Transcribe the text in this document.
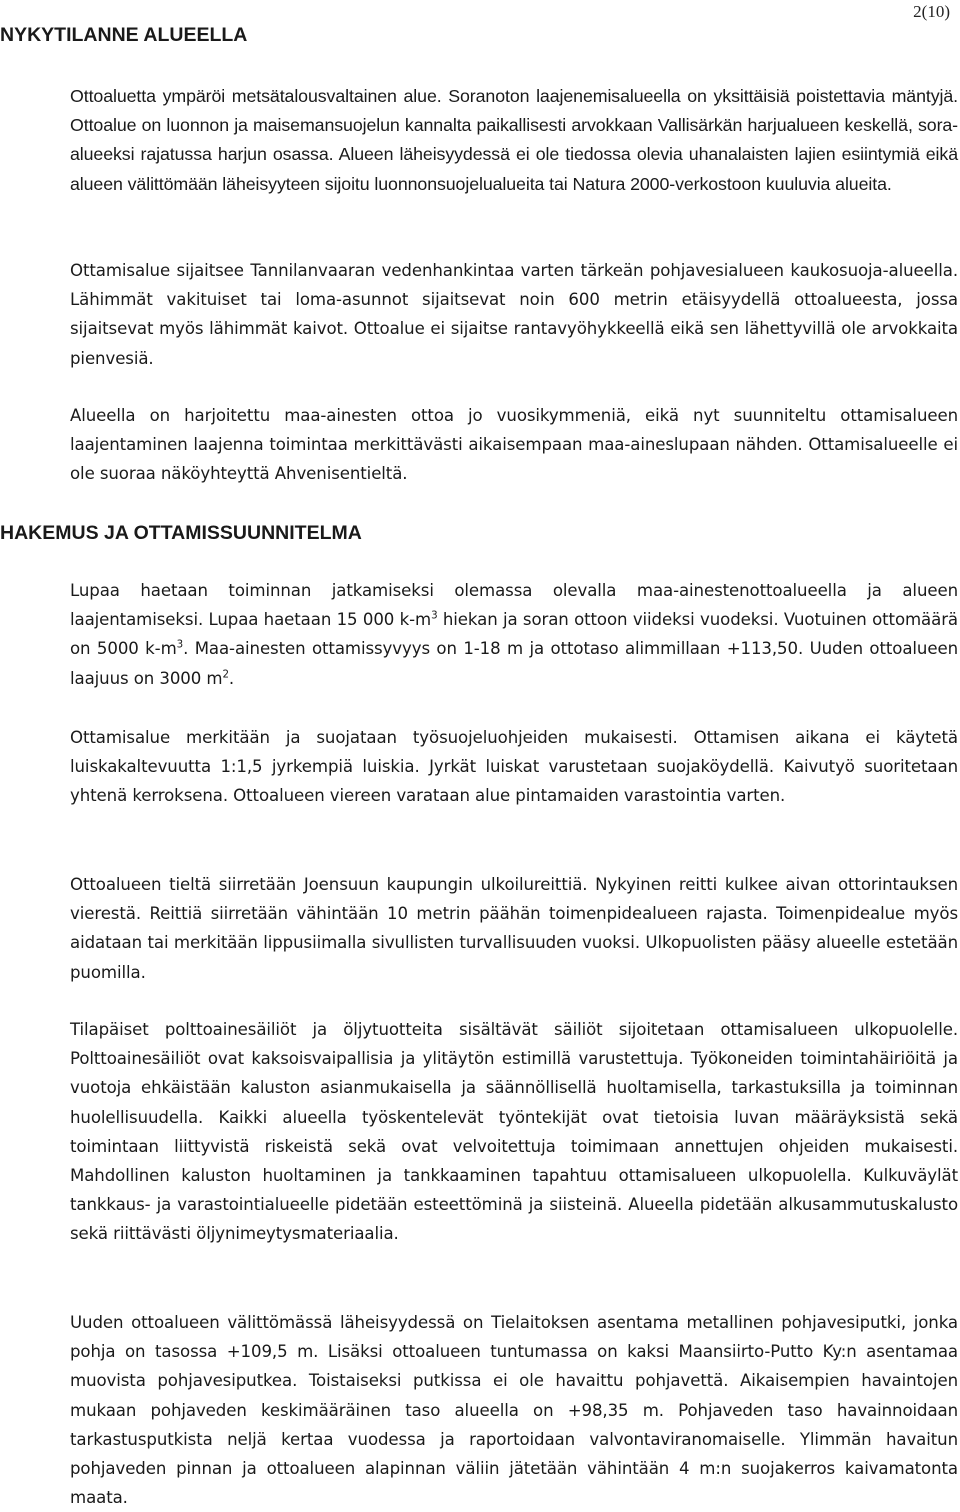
2(10)
NYKYTILANNE ALUEELLA

Ottoaluetta ympäröi metsätalousvaltainen alue. Soranoton laajenemisalueella on yksittäisiä poistettavia mäntyjä. Ottoalue on luonnon ja maisemansuojelun kannalta paikallisesti arvokkaan Vallisärkän harjualueen keskellä, sora-alueeksi rajatussa harjun osassa. Alueen läheisyydessä ei ole tiedossa olevia uhanalaisten lajien esiintymiä eikä alueen välittömään läheisyyteen sijoitu luonnonsuojelualueita tai Natura 2000-verkostoon kuuluvia alueita.

Ottamisalue sijaitsee Tannilanvaaran vedenhankintaa varten tärkeän pohjavesialueen kaukosuoja-alueella. Lähimmät vakituiset tai loma-asunnot sijaitsevat noin 600 metrin etäisyydellä ottoalueesta, jossa sijaitsevat myös lähimmät kaivot. Ottoalue ei sijaitse rantavyöhykkeellä eikä sen lähettyvillä ole arvokkaita pienvesiä.

Alueella on harjoitettu maa-ainesten ottoa jo vuosikymmeniä, eikä nyt suunniteltu ottamisalueen laajentaminen laajenna toimintaa merkittävästi aikaisempaan maa-aineslupaan nähden. Ottamisalueelle ei ole suoraa näköyhteyttä Ahvenisentieltä.

HAKEMUS JA OTTAMISSUUNNITELMA

Lupaa haetaan toiminnan jatkamiseksi olemassa olevalla maa-ainestenottoalueella ja alueen laajentamiseksi. Lupaa haetaan 15 000 $k-m^3$ hiekan ja soran ottoon viideksi vuodeksi. Vuotuinen ottomäärä on 5000 $k-m^3$. Maa-ainesten ottamissyvyys on 1-18 m ja ottotaso alimmillaan +113,50. Uuden ottoalueen laajuus on 3000 $m^2$.

Ottamisalue merkitään ja suojataan työsuojeluohjeiden mukaisesti. Ottamisen aikana ei käytetä luiskakaltevuutta 1:1,5 jyrkempiä luiskia. Jyrkät luiskat varustetaan suojaköydellä. Kaivutyö suoritetaan yhtenä kerroksena. Ottoalueen viereen varataan alue pintamaiden varastointia varten.

Ottoalueen tieltä siirretään Joensuun kaupungin ulkoilureittiä. Nykyinen reitti kulkee aivan ottorintauksen vierestä. Reittiä siirretään vähintään 10 metrin päähän toimenpidealueen rajasta. Toimenpidealue myös aidataan tai merkitään lippusiimalla sivullisten turvallisuuden vuoksi. Ulkopuolisten pääsy alueelle estetään puomilla.

Tilapäiset polttoainesäiliöt ja öljytuotteita sisältävät säiliöt sijoitetaan ottamisalueen ulkopuolelle. Polttoainesäiliöt ovat kaksoisvaipallisia ja ylitäytön estimillä varustettuja. Työkoneiden toimintahäiriöitä ja vuotoja ehkäistään kaluston asianmukaisella ja säännöllisellä huoltamisella, tarkastuksilla ja toiminnan huolellisuudella. Kaikki alueella työskentelevät työntekijät ovat tietoisia luvan määräyksistä sekä toimintaan liittyvistä riskeistä sekä ovat velvoitettuja toimimaan annettujen ohjeiden mukaisesti. Mahdollinen kaluston huoltaminen ja tankkaaminen tapahtuu ottamisalueen ulkopuolella. Kulkuväylät tankkaus- ja varastointialueelle pidetään esteettöminä ja siisteinä. Alueella pidetään alkusammutuskalusto sekä riittävästi öljynimeytysmateriaalia.

Uuden ottoalueen välittömässä läheisyydessä on Tielaitoksen asentama metallinen pohjavesiputki, jonka pohja on tasossa +109,5 m. Lisäksi ottoalueen tuntumassa on kaksi Maansiirto-Putto Ky:n asentamaa muovista pohjavesiputkea. Toistaiseksi putkissa ei ole havaittu pohjavettä. Aikaisempien havaintojen mukaan pohjaveden keskimääräinen taso alueella on +98,35 m. Pohjaveden taso havainnoidaan tarkastusputkista neljä kertaa vuodessa ja raportoidaan valvontaviranomaiselle. Ylimmän havaitun pohjaveden pinnan ja ottoalueen alapinnan väliin jätetään vähintään 4 m:n suojakerros kaivamatonta maata.
